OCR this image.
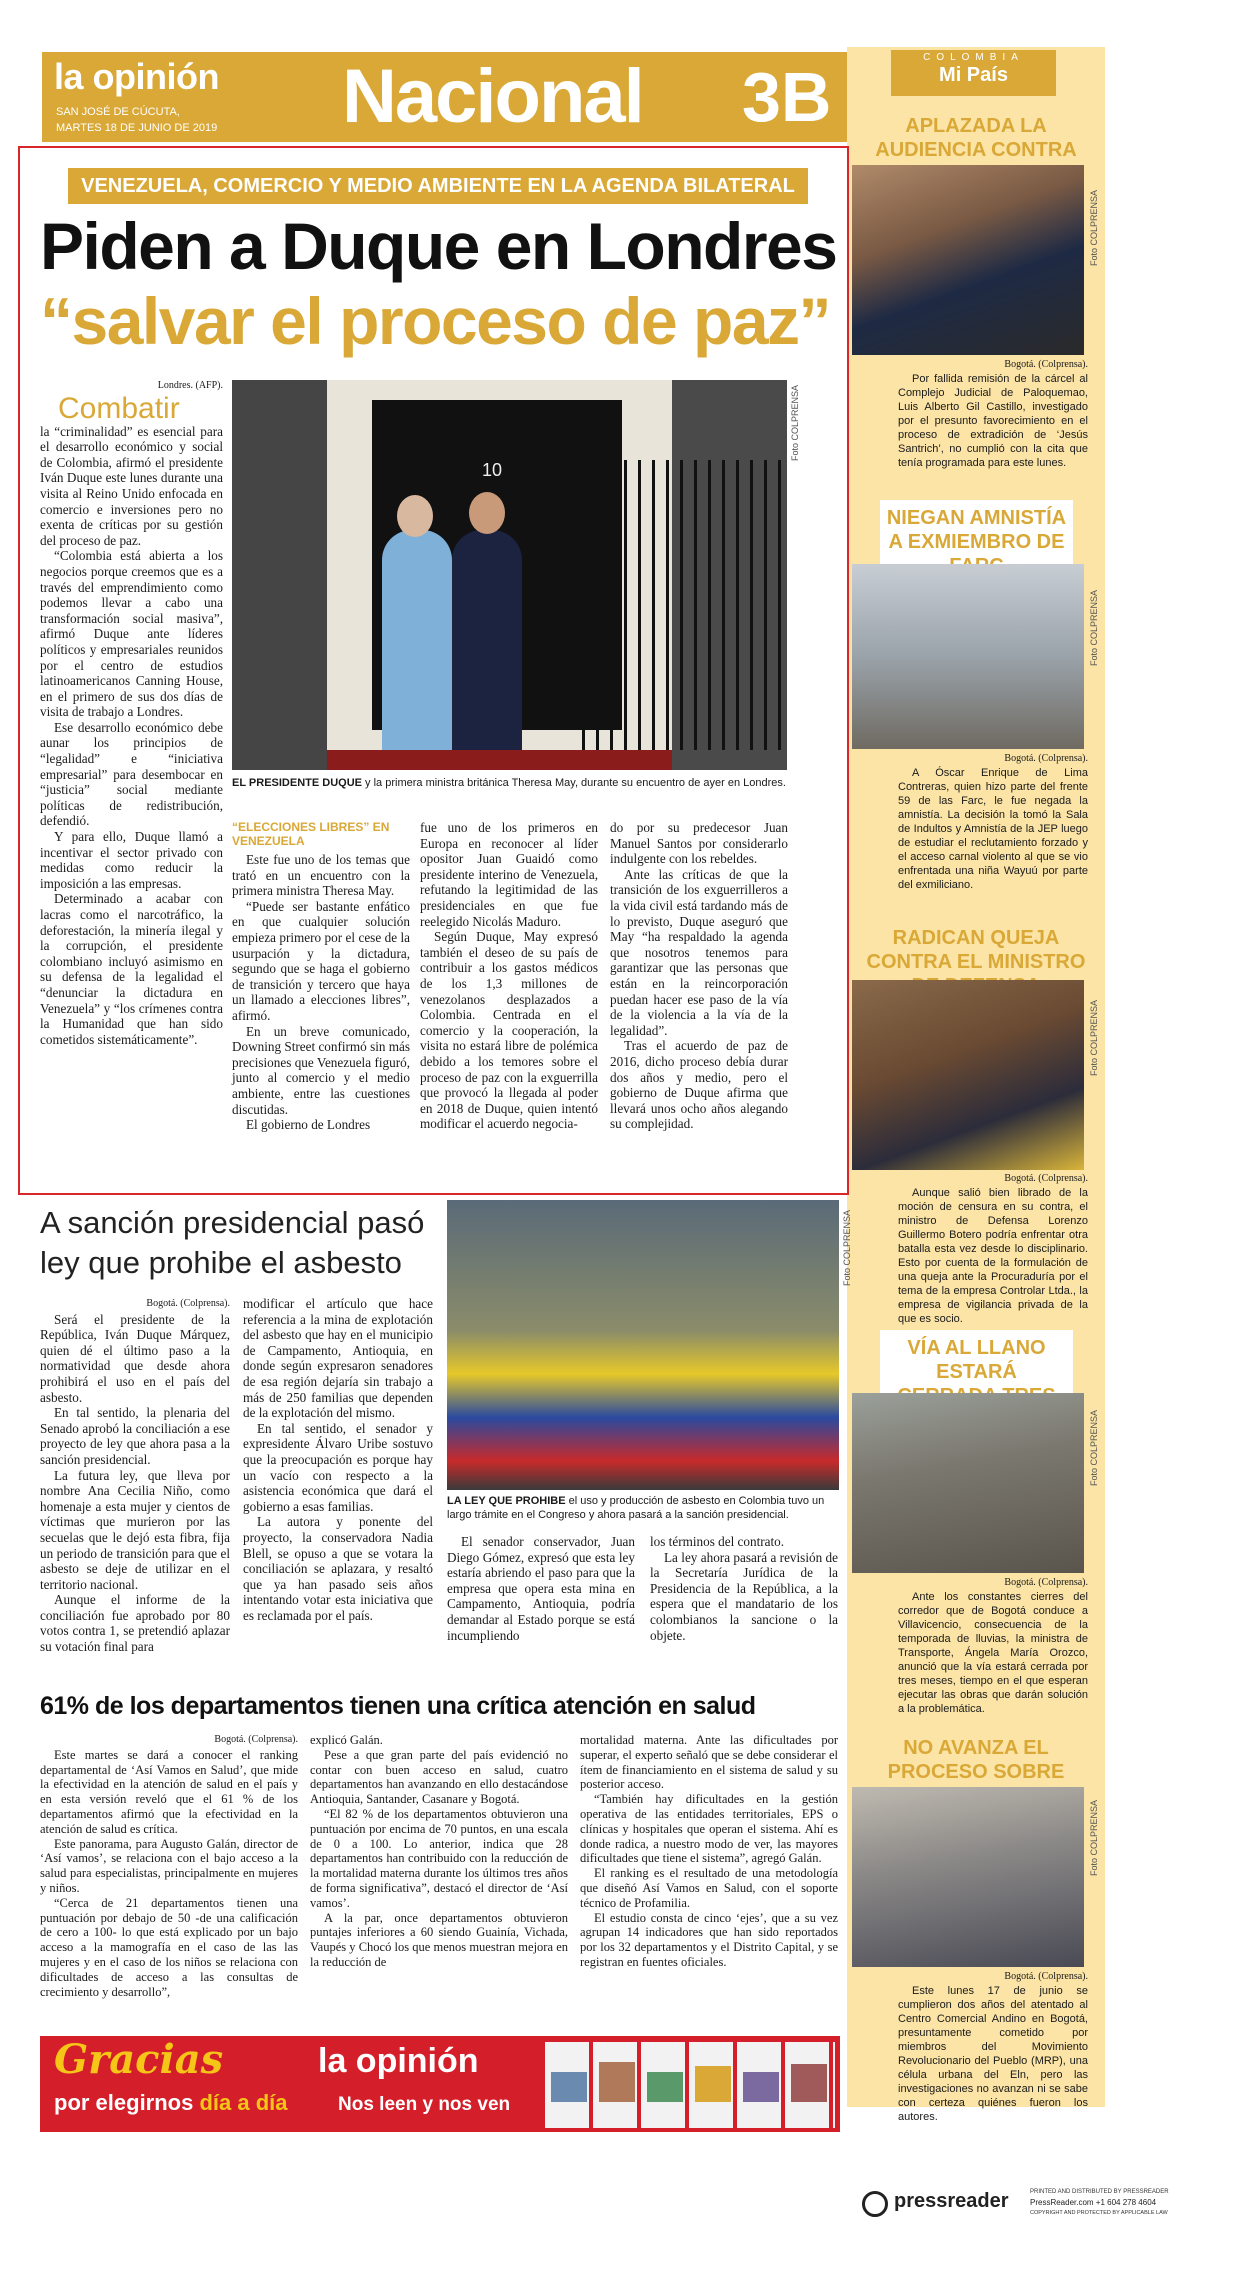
la opinión
SAN JOSÉ DE CÚCUTA,
MARTES 18 DE JUNIO DE 2019 Nacional 3B
COLOMBIA
Mi País
APLAZADA LA AUDIENCIA CONTRA
Foto COLPRENSA
Bogotá. (Colprensa).
Por fallida remisión de la cárcel al Complejo Judicial de Paloquemao, Luis Alberto Gil Castillo, investigado por el presunto favorecimiento en el proceso de extradición de ‘Jesús Santrich’, no cumplió con la cita que tenía programada para este lunes.
NIEGAN AMNISTÍA A EXMIEMBRO DE
Foto COLPRENSA
Bogotá. (Colprensa).
A Óscar Enrique de Lima Contreras, quien hizo parte del frente 59 de las Farc, le fue negada la amnistía. La decisión la tomó la Sala de Indultos y Amnistía de la JEP luego de estudiar el reclutamiento forzado y el acceso carnal violento al que se vio enfrentada una niña Wayuú por parte del exmiliciano.
RADICAN QUEJA CONTRA EL MINISTRO
Foto COLPRENSA
Bogotá. (Colprensa).
Aunque salió bien librado de la moción de censura en su contra, el ministro de Defensa Lorenzo Guillermo Botero podría enfrentar otra batalla esta vez desde lo disciplinario. Esto por cuenta de la formulación de una queja ante la Procuraduría por el tema de la empresa Controlar Ltda., la empresa de vigilancia privada de la que es socio.
VÍA AL LLANO ESTARÁ
Foto COLPRENSA
Bogotá. (Colprensa).
Ante los constantes cierres del corredor que de Bogotá conduce a Villavicencio, consecuencia de la temporada de lluvias, la ministra de Transporte, Ángela María Orozco, anunció que la vía estará cerrada por tres meses, tiempo en el que esperan ejecutar las obras que darán solución a la problemática.
NO AVANZA EL PROCESO SOBRE
Foto COLPRENSA
Bogotá. (Colprensa).
Este lunes 17 de junio se cumplieron dos años del atentado al Centro Comercial Andino en Bogotá, presuntamente cometido por miembros del Movimiento Revolucionario del Pueblo (MRP), una célula urbana del Eln, pero las investigaciones no avanzan ni se sabe con certeza quiénes fueron los autores.
VENEZUELA, COMERCIO Y MEDIO AMBIENTE EN LA AGENDA BILATERAL
Piden a Duque en Londres
“salvar el proceso de paz”
10
Foto COLPRENSA
EL PRESIDENTE DUQUE y la primera ministra británica Theresa May, durante su encuentro de ayer en Londres.
Londres. (AFP).
Combatir

la “criminalidad” es esencial para el desarrollo económico y social de Colombia, afirmó el presidente Iván Duque este lunes durante una visita al Reino Unido enfocada en comercio e inversiones pero no exenta de críticas por su gestión del proceso de paz.

“Colombia está abierta a los negocios porque creemos que es a través del emprendimiento como podemos llevar a cabo una transformación social masiva”, afirmó Duque ante líderes políticos y empresariales reunidos por el centro de estudios latinoamericanos Canning House, en el primero de sus dos días de visita de trabajo a Londres.

Ese desarrollo económico debe aunar los principios de “legalidad” e “iniciativa empresarial” para desembocar en “justicia” social mediante políticas de redistribución, defendió.

Y para ello, Duque llamó a incentivar el sector privado con medidas como reducir la imposición a las empresas.

Determinado a acabar con lacras como el narcotráfico, la deforestación, la minería ilegal y la corrupción, el presidente colombiano incluyó asimismo en su defensa de la legalidad el “denunciar la dictadura en Venezuela” y “los crímenes contra la Humanidad que han sido cometidos sistemáticamente”.

“ELECCIONES LIBRES” EN VENEZUELA

Este fue uno de los temas que trató en un encuentro con la primera ministra Theresa May.

“Puede ser bastante enfático en que cualquier solución empieza primero por el cese de la usurpación y la dictadura, segundo que se haga el gobierno de transición y tercero que haya un llamado a elecciones libres”, afirmó.

En un breve comunicado, Downing Street confirmó sin más precisiones que Venezuela figuró, junto al comercio y el medio ambiente, entre las cuestiones discutidas.

El gobierno de Londres

fue uno de los primeros en Europa en reconocer al líder opositor Juan Guaidó como presidente interino de Venezuela, refutando la legitimidad de las presidenciales en que fue reelegido Nicolás Maduro.

Según Duque, May expresó también el deseo de su país de contribuir a los gastos médicos de los 1,3 millones de venezolanos desplazados a Colombia. Centrada en el comercio y la cooperación, la visita no estará libre de polémica debido a los temores sobre el proceso de paz con la exguerrilla que provocó la llegada al poder en 2018 de Duque, quien intentó modificar el acuerdo negocia-

do por su predecesor Juan Manuel Santos por considerarlo indulgente con los rebeldes.

Ante las críticas de que la transición de los exguerrilleros a la vida civil está tardando más de lo previsto, Duque aseguró que May “ha respaldado la agenda que nosotros tenemos para garantizar que las personas que están en la reincorporación puedan hacer ese paso de la vía de la violencia a la vía de la legalidad”.

Tras el acuerdo de paz de 2016, dicho proceso debía durar dos años y medio, pero el gobierno de Duque afirma que llevará unos ocho años alegando su complejidad.

A sanción presidencial pasó
ley que prohibe el asbesto	Foto COLPRENSA
LA LEY QUE PROHIBE el uso y producción de asbesto en Colombia tuvo un largo trámite en el Congreso y ahora pasará a la sanción presidencial.
Bogotá. (Colprensa).

Será el presidente de la República, Iván Duque Márquez, quien dé el último paso a la normatividad que desde ahora prohibirá el uso en el país del asbesto.

En tal sentido, la plenaria del Senado aprobó la conciliación a ese proyecto de ley que ahora pasa a la sanción presidencial.

La futura ley, que lleva por nombre Ana Cecilia Niño, como homenaje a esta mujer y cientos de víctimas que murieron por las secuelas que le dejó esta fibra, fija un periodo de transición para que el asbesto se deje de utilizar en el territorio nacional.

Aunque el informe de la conciliación fue aprobado por 80 votos contra 1, se pretendió aplazar su votación final para

modificar el artículo que hace referencia a la mina de explotación del asbesto que hay en el municipio de Campamento, Antioquia, en donde según expresaron senadores de esa región dejaría sin trabajo a más de 250 familias que dependen de la explotación del mismo.

En tal sentido, el senador y expresidente Álvaro Uribe sostuvo que la preocupación es porque hay un vacío con respecto a la asistencia económica que dará el gobierno a esas familias.

La autora y ponente del proyecto, la conservadora Nadia Blell, se opuso a que se votara la conciliación se aplazara, y resaltó que ya han pasado seis años intentando votar esta iniciativa que es reclamada por el país.

El senador conservador, Juan Diego Gómez, expresó que esta ley estaría abriendo el paso para que la empresa que opera esta mina en Campamento, Antioquia, podría demandar al Estado porque se está incumpliendo

los términos del contrato.

La ley ahora pasará a revisión de la Secretaría Jurídica de la Presidencia de la República, a la espera que el mandatario de los colombianos la sancione o la objete.

61% de los departamentos tienen una crítica atención en salud
Bogotá. (Colprensa).

Este martes se dará a conocer el ranking departamental de ‘Así Vamos en Salud’, que mide la efectividad en la atención de salud en el país y en esta versión reveló que el 61 % de los departamentos afirmó que la efectividad en la atención de salud es crítica.

Este panorama, para Augusto Galán, director de ‘Así vamos’, se relaciona con el bajo acceso a la salud para especialistas, principalmente en mujeres y niños.

“Cerca de 21 departamentos tienen una puntuación por debajo de 50 -de una calificación de cero a 100- lo que está explicado por un bajo acceso a la mamografía en el caso de las las mujeres y en el caso de los niños se relaciona con dificultades de acceso a las consultas de crecimiento y desarrollo”,

explicó Galán.

Pese a que gran parte del país evidenció no contar con buen acceso en salud, cuatro departamentos han avanzando en ello destacándose Antioquia, Santander, Casanare y Bogotá.

“El 82 % de los departamentos obtuvieron una puntuación por encima de 70 puntos, en una escala de 0 a 100. Lo anterior, indica que 28 departamentos han contribuido con la reducción de la mortalidad materna durante los últimos tres años de forma significativa”, destacó el director de ‘Así vamos’.

A la par, once departamentos obtuvieron puntajes inferiores a 60 siendo Guainía, Vichada, Vaupés y Chocó los que menos muestran mejora en la reducción de

mortalidad materna. Ante las dificultades por superar, el experto señaló que se debe considerar el ítem de financiamiento en el sistema de salud y su posterior acceso.

“También hay dificultades en la gestión operativa de las entidades territoriales, EPS o clínicas y hospitales que operan el sistema. Ahí es donde radica, a nuestro modo de ver, las mayores dificultades que tiene el sistema”, agregó Galán.

El ranking es el resultado de una metodología que diseñó Así Vamos en Salud, con el soporte técnico de Profamilia.

El estudio consta de cinco ‘ejes’, que a su vez agrupan 14 indicadores que han sido reportados por los 32 departamentos y el Distrito Capital, y se registran en fuentes oficiales.

Gracias
por elegirnos día a día
la opinión
Nos leen y nos ven
pressreader	PRINTED AND DISTRIBUTED BY PRESSREADER
PressReader.com +1 604 278 4604
COPYRIGHT AND PROTECTED BY APPLICABLE LAW
